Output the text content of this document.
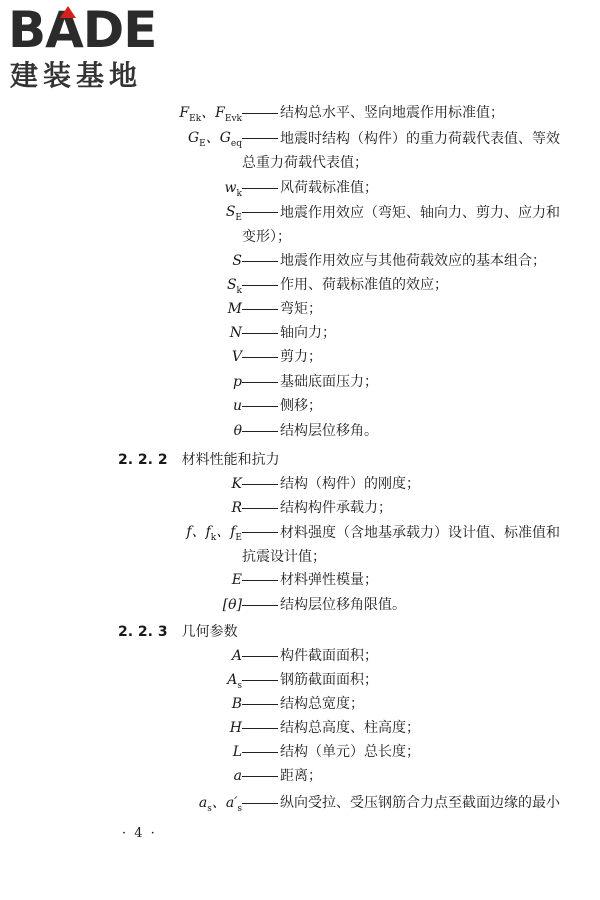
BADE
建装基地
$F_{Ek}$、$F_{Evk}$	结构总水平、竖向地震作用标准值；
$G_E$、$G_{eq}$	地震时结构（构件）的重力荷载代表值、等效总重力荷载代表值；
$w_k$	风荷载标准值；
$S_E$	地震作用效应（弯矩、轴向力、剪力、应力和变形）；
S	地震作用效应与其他荷载效应的基本组合；
$S_k$	作用、荷载标准值的效应；
M	弯矩；
N	轴向力；
V	剪力；
p	基础底面压力；
u	侧移；
θ	结构层位移角。
2. 2. 2 材料性能和抗力
K	结构（构件）的刚度；
R	结构构件承载力；
f、$f_k$、$f_E$	材料强度（含地基承载力）设计值、标准值和抗震设计值；
E	材料弹性模量；
[θ]	结构层位移角限值。
2. 2. 3 几何参数
A	构件截面面积；
$A_s$	钢筋截面面积；
B	结构总宽度；
H	结构总高度、柱高度；
L	结构（单元）总长度；
a	距离；
$a_s$、$a'_s$	纵向受拉、受压钢筋合力点至截面边缘的最小
· 4 ·
